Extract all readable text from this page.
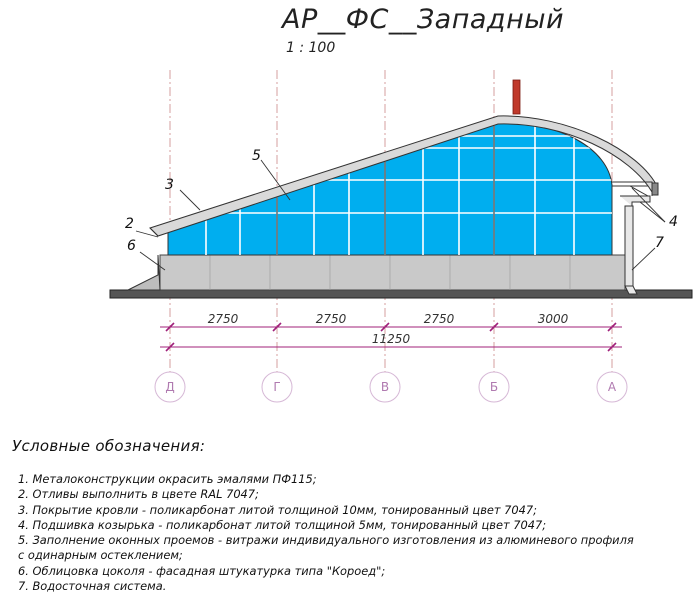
АР__ФС__Западный
1 : 100
2
6
3
5
4
7
2750	2750	2750	3000
11250
Д	Г	В	Б	А
Условные обозначения:
1. Металоконструкции окрасить эмалями ПФ115;
2. Отливы выполнить в цвете RAL 7047;
3. Покрытие кровли - поликарбонат литой толщиной 10мм, тонированный цвет 7047;
4. Подшивка козырька - поликарбонат литой толщиной 5мм, тонированный цвет 7047;
5. Заполнение оконных проемов - витражи индивидуального изготовления из алюминевого профиля
с одинарным остеклением;
6. Облицовка цоколя - фасадная штукатурка типа "Короед";
7. Водосточная система.
